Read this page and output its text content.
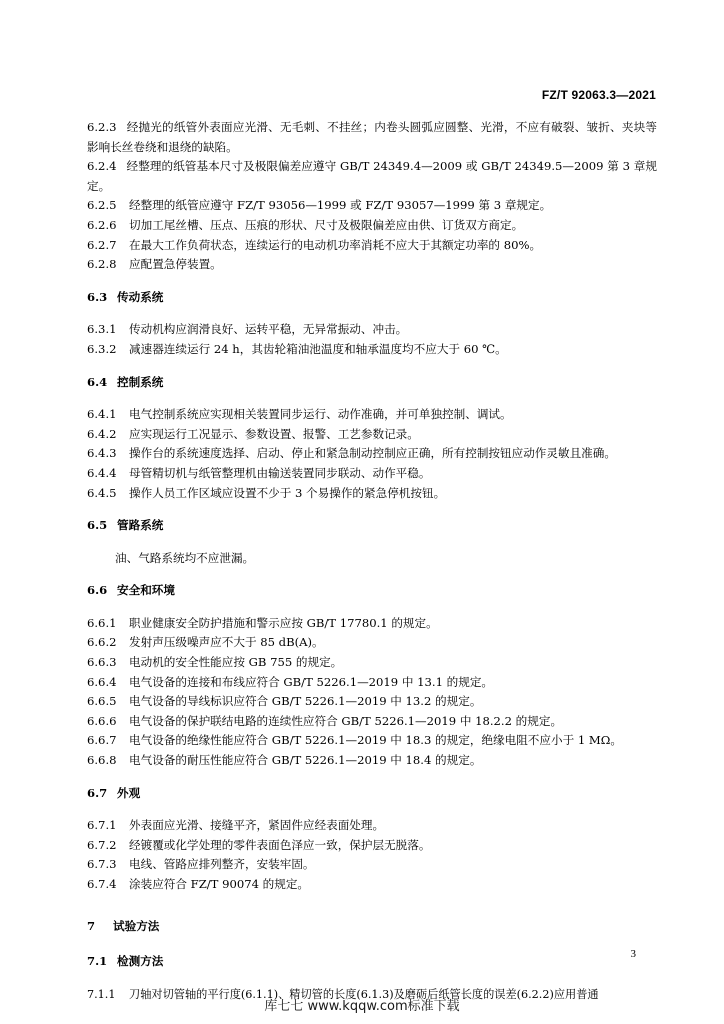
FZ/T 92063.3—2021
6.2.3 经抛光的纸管外表面应光滑、无毛刺、不挂丝；内卷头圆弧应圆整、光滑，不应有破裂、皱折、夹块等影响长丝卷绕和退绕的缺陷。
6.2.4 经整理的纸管基本尺寸及极限偏差应遵守 GB/T 24349.4—2009 或 GB/T 24349.5—2009 第 3 章规定。
6.2.5 经整理的纸管应遵守 FZ/T 93056—1999 或 FZ/T 93057—1999 第 3 章规定。
6.2.6 切加工尾丝槽、压点、压痕的形状、尺寸及极限偏差应由供、订货双方商定。
6.2.7 在最大工作负荷状态，连续运行的电动机功率消耗不应大于其额定功率的 80%。
6.2.8 应配置急停装置。
6.3 传动系统
6.3.1 传动机构应润滑良好、运转平稳，无异常振动、冲击。
6.3.2 减速器连续运行 24 h，其齿轮箱油池温度和轴承温度均不应大于 60 ℃。
6.4 控制系统
6.4.1 电气控制系统应实现相关装置同步运行、动作准确，并可单独控制、调试。
6.4.2 应实现运行工况显示、参数设置、报警、工艺参数记录。
6.4.3 操作台的系统速度选择、启动、停止和紧急制动控制应正确，所有控制按钮应动作灵敏且准确。
6.4.4 母管精切机与纸管整理机由输送装置同步联动、动作平稳。
6.4.5 操作人员工作区域应设置不少于 3 个易操作的紧急停机按钮。
6.5 管路系统
油、气路系统均不应泄漏。
6.6 安全和环境
6.6.1 职业健康安全防护措施和警示应按 GB/T 17780.1 的规定。
6.6.2 发射声压级噪声应不大于 85 dB(A)。
6.6.3 电动机的安全性能应按 GB 755 的规定。
6.6.4 电气设备的连接和布线应符合 GB/T 5226.1—2019 中 13.1 的规定。
6.6.5 电气设备的导线标识应符合 GB/T 5226.1—2019 中 13.2 的规定。
6.6.6 电气设备的保护联结电路的连续性应符合 GB/T 5226.1—2019 中 18.2.2 的规定。
6.6.7 电气设备的绝缘性能应符合 GB/T 5226.1—2019 中 18.3 的规定，绝缘电阻不应小于 1 MΩ。
6.6.8 电气设备的耐压性能应符合 GB/T 5226.1—2019 中 18.4 的规定。
6.7 外观
6.7.1 外表面应光滑、接缝平齐，紧固件应经表面处理。
6.7.2 经镀覆或化学处理的零件表面色泽应一致，保护层无脱落。
6.7.3 电线、管路应排列整齐，安装牢固。
6.7.4 涂装应符合 FZ/T 90074 的规定。
7 试验方法
7.1 检测方法
7.1.1 刀轴对切管轴的平行度(6.1.1)、精切管的长度(6.1.3)及磨砺后纸管长度的误差(6.2.2)应用普通
3
库七七 www.kqqw.com标准下载
